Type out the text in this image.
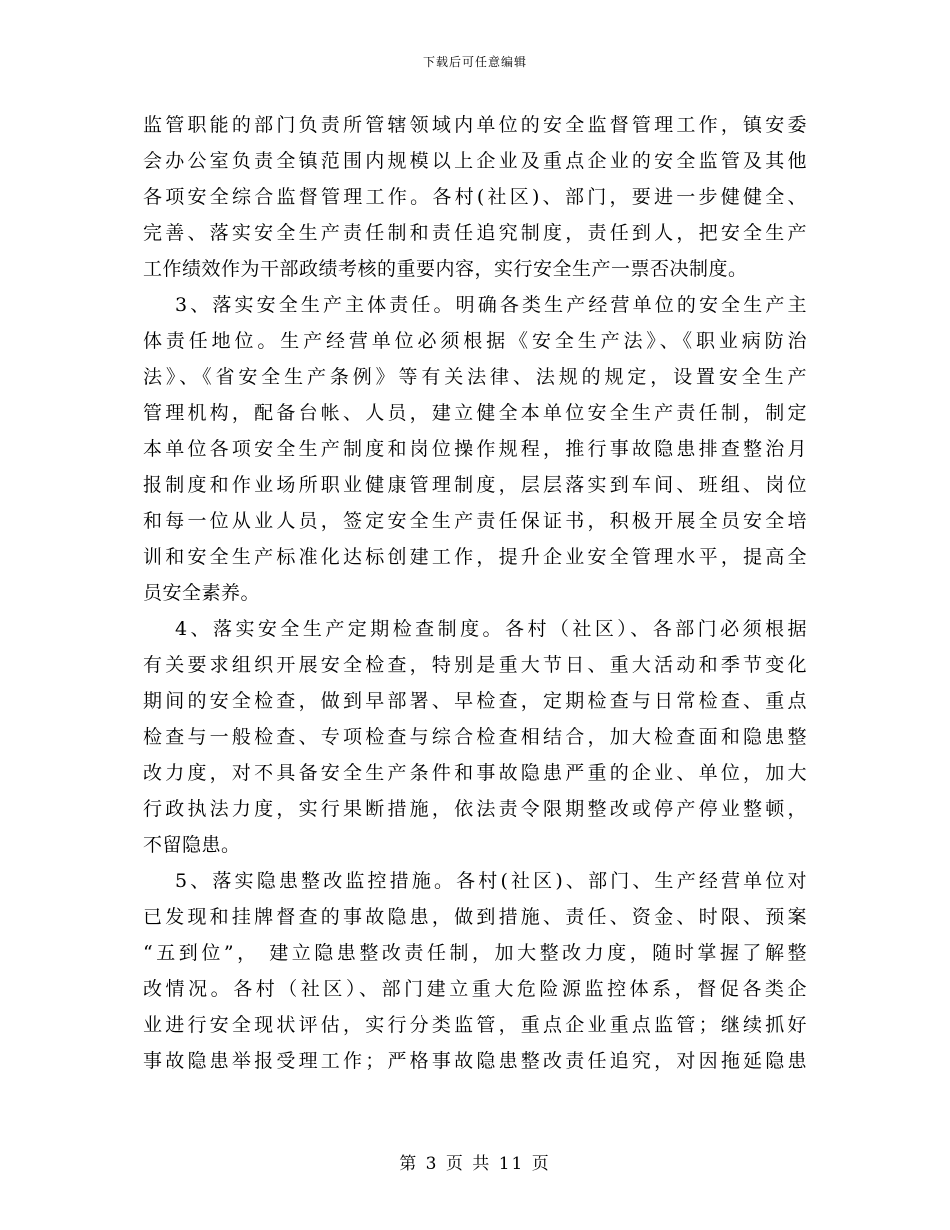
下载后可任意编辑
监管职能的部门负责所管辖领域内单位的安全监督管理工作，镇安委
会办公室负责全镇范围内规模以上企业及重点企业的安全监管及其他
各项安全综合监督管理工作。各村(社区)、部门，要进一步健健全、
完善、落实安全生产责任制和责任追究制度，责任到人，把安全生产
工作绩效作为干部政绩考核的重要内容，实行安全生产一票否决制度。
3、落实安全生产主体责任。明确各类生产经营单位的安全生产主
体责任地位。生产经营单位必须根据《安全生产法》、《职业病防治
法》、《省安全生产条例》等有关法律、法规的规定，设置安全生产
管理机构，配备台帐、人员，建立健全本单位安全生产责任制，制定
本单位各项安全生产制度和岗位操作规程，推行事故隐患排查整治月
报制度和作业场所职业健康管理制度，层层落实到车间、班组、岗位
和每一位从业人员，签定安全生产责任保证书，积极开展全员安全培
训和安全生产标准化达标创建工作，提升企业安全管理水平，提高全
员安全素养。
4、落实安全生产定期检查制度。各村（社区）、各部门必须根据
有关要求组织开展安全检查，特别是重大节日、重大活动和季节变化
期间的安全检查，做到早部署、早检查，定期检查与日常检查、重点
检查与一般检查、专项检查与综合检查相结合，加大检查面和隐患整
改力度，对不具备安全生产条件和事故隐患严重的企业、单位，加大
行政执法力度，实行果断措施，依法责令限期整改或停产停业整顿，
不留隐患。
5、落实隐患整改监控措施。各村(社区)、部门、生产经营单位对
已发现和挂牌督查的事故隐患，做到措施、责任、资金、时限、预案
“五到位”， 建立隐患整改责任制，加大整改力度，随时掌握了解整
改情况。各村（社区）、部门建立重大危险源监控体系，督促各类企
业进行安全现状评估，实行分类监管，重点企业重点监管；继续抓好
事故隐患举报受理工作；严格事故隐患整改责任追究，对因拖延隐患
第 3 页 共 11 页
